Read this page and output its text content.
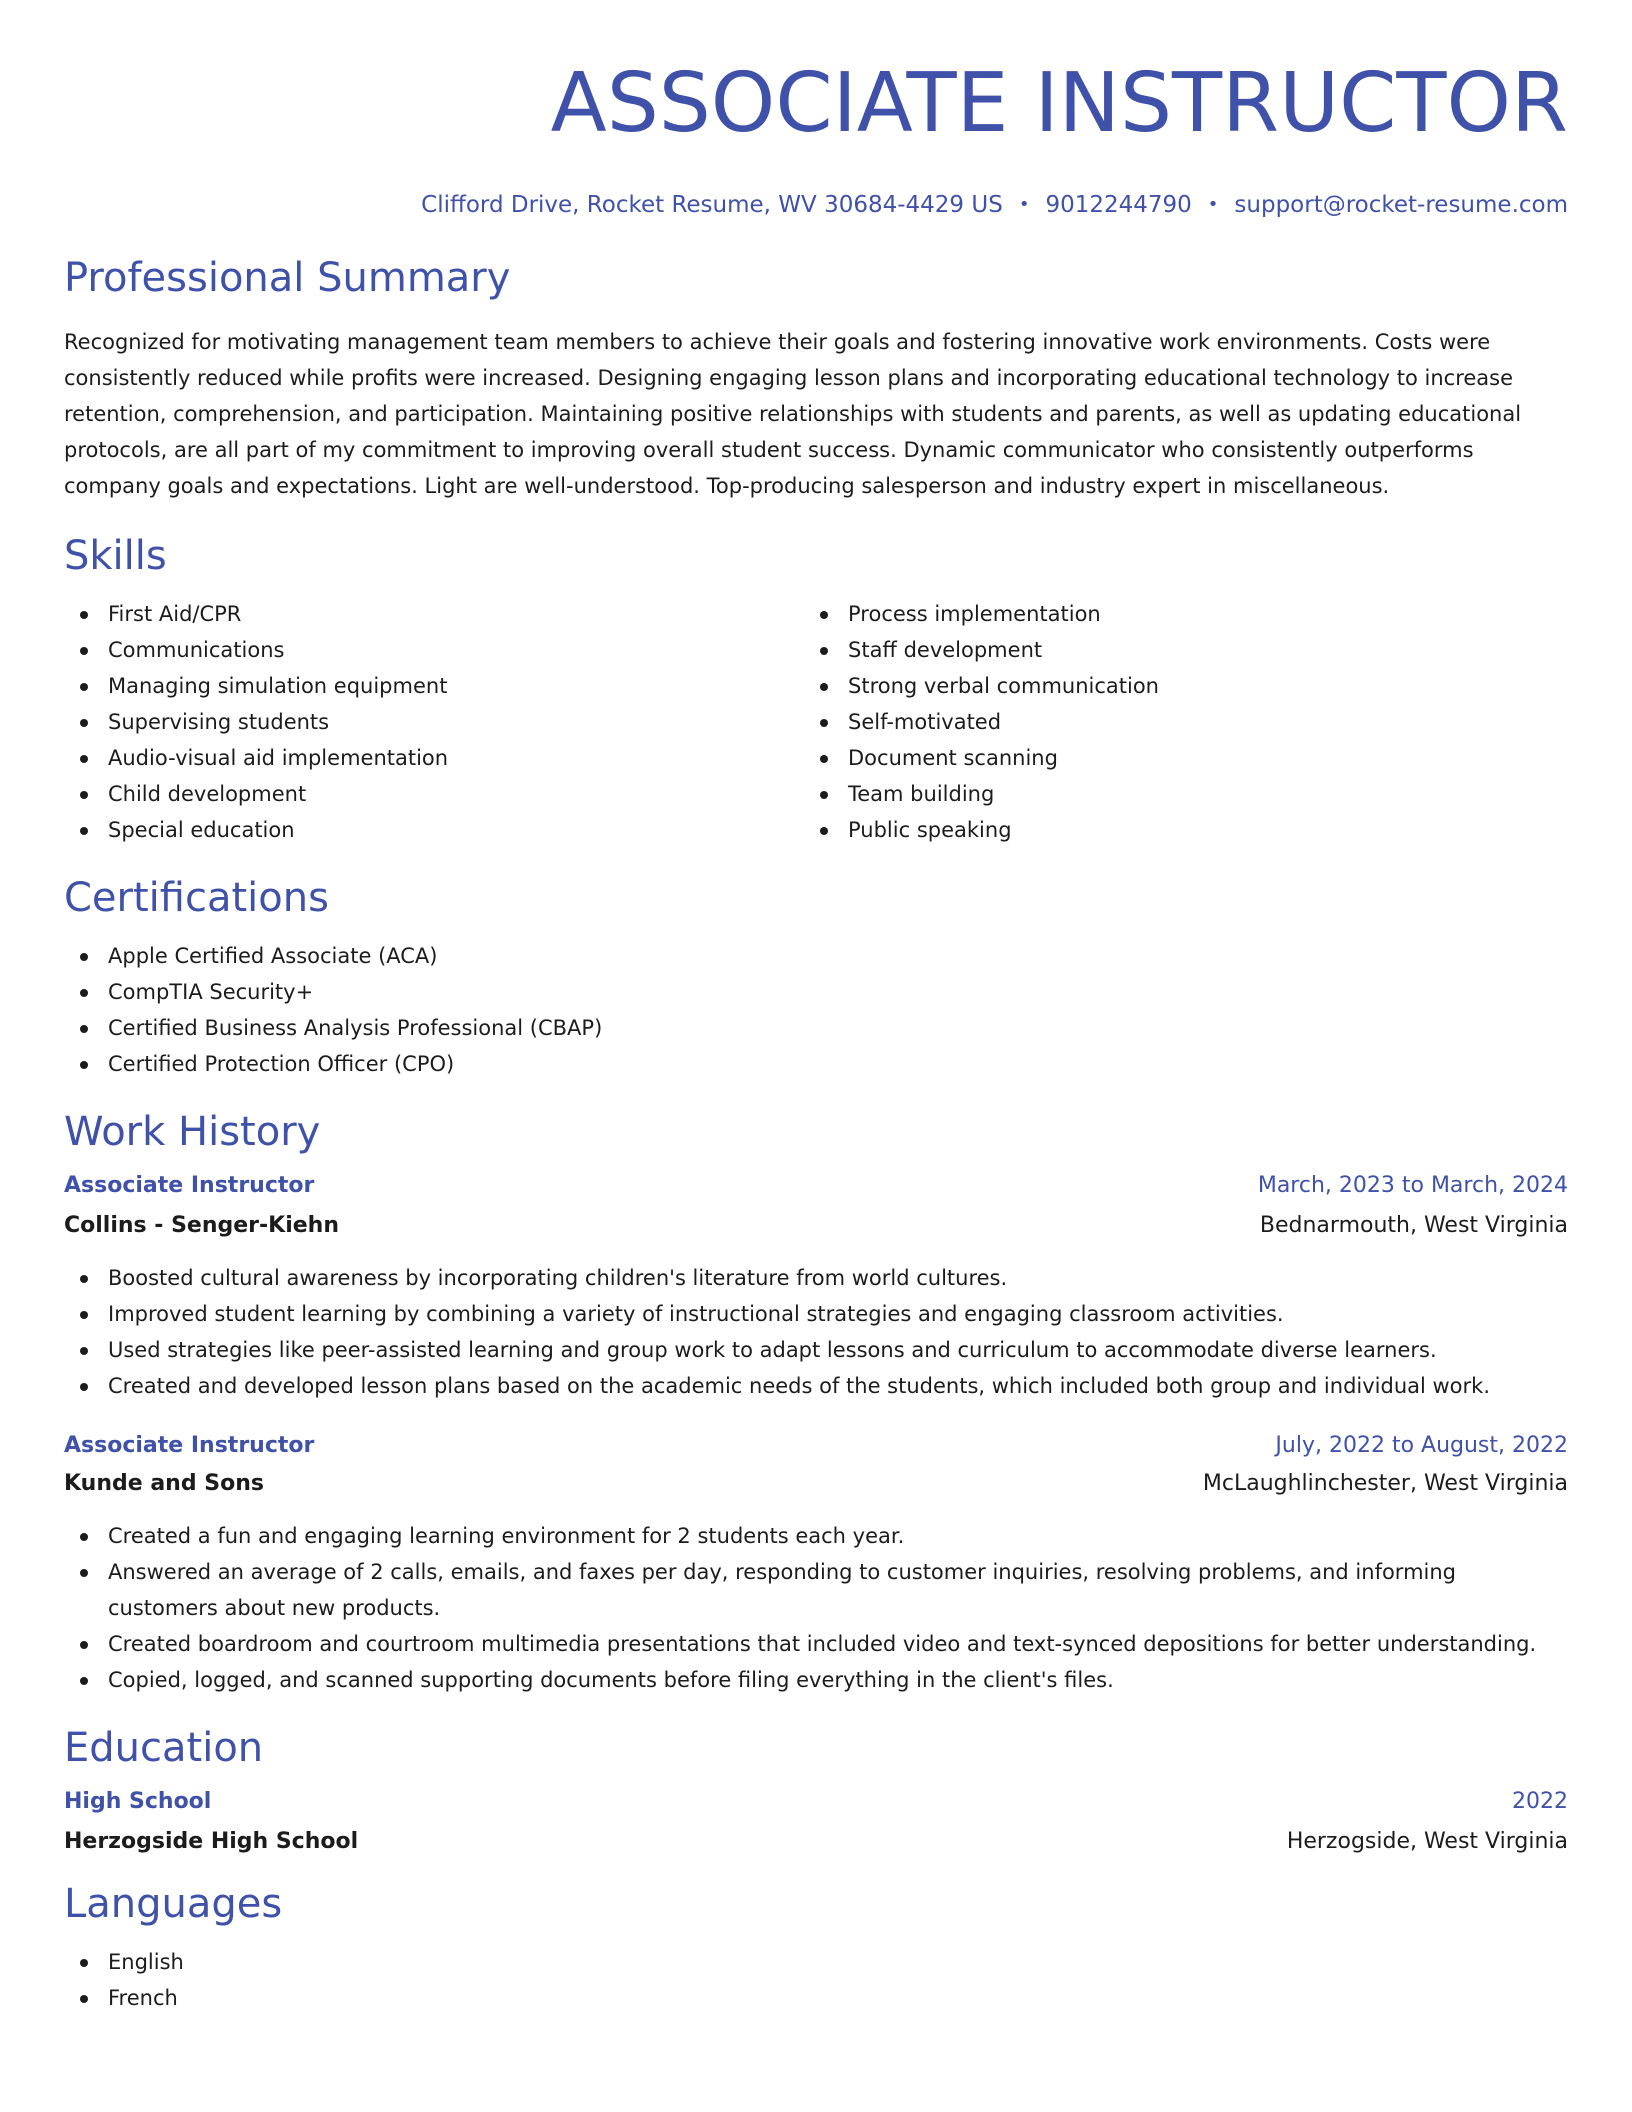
ASSOCIATE INSTRUCTOR
Clifford Drive, Rocket Resume, WV 30684-4429 US • 9012244790 • support@rocket-resume.com
Professional Summary

Recognized for motivating management team members to achieve their goals and fostering innovative work environments. Costs were consistently reduced while profits were increased. Designing engaging lesson plans and incorporating educational technology to increase retention, comprehension, and participation. Maintaining positive relationships with students and parents, as well as updating educational protocols, are all part of my commitment to improving overall student success. Dynamic communicator who consistently outperforms company goals and expectations. Light are well-understood. Top-producing salesperson and industry expert in miscellaneous.

Skills
First Aid/CPR
Communications
Managing simulation equipment
Supervising students
Audio-visual aid implementation
Child development
Special education
Process implementation
Staff development
Strong verbal communication
Self-motivated
Document scanning
Team building
Public speaking
Certifications
Apple Certified Associate (ACA)
CompTIA Security+
Certified Business Analysis Professional (CBAP)
Certified Protection Officer (CPO)
Work History
Associate Instructor	March, 2023 to March, 2024
Collins - Senger-Kiehn	Bednarmouth, West Virginia
Boosted cultural awareness by incorporating children's literature from world cultures.
Improved student learning by combining a variety of instructional strategies and engaging classroom activities.
Used strategies like peer-assisted learning and group work to adapt lessons and curriculum to accommodate diverse learners.
Created and developed lesson plans based on the academic needs of the students, which included both group and individual work.
Associate Instructor	July, 2022 to August, 2022
Kunde and Sons	McLaughlinchester, West Virginia
Created a fun and engaging learning environment for 2 students each year.
Answered an average of 2 calls, emails, and faxes per day, responding to customer inquiries, resolving problems, and informing customers about new products.
Created boardroom and courtroom multimedia presentations that included video and text-synced depositions for better understanding.
Copied, logged, and scanned supporting documents before filing everything in the client's files.
Education
High School	2022
Herzogside High School	Herzogside, West Virginia
Languages
English
French
